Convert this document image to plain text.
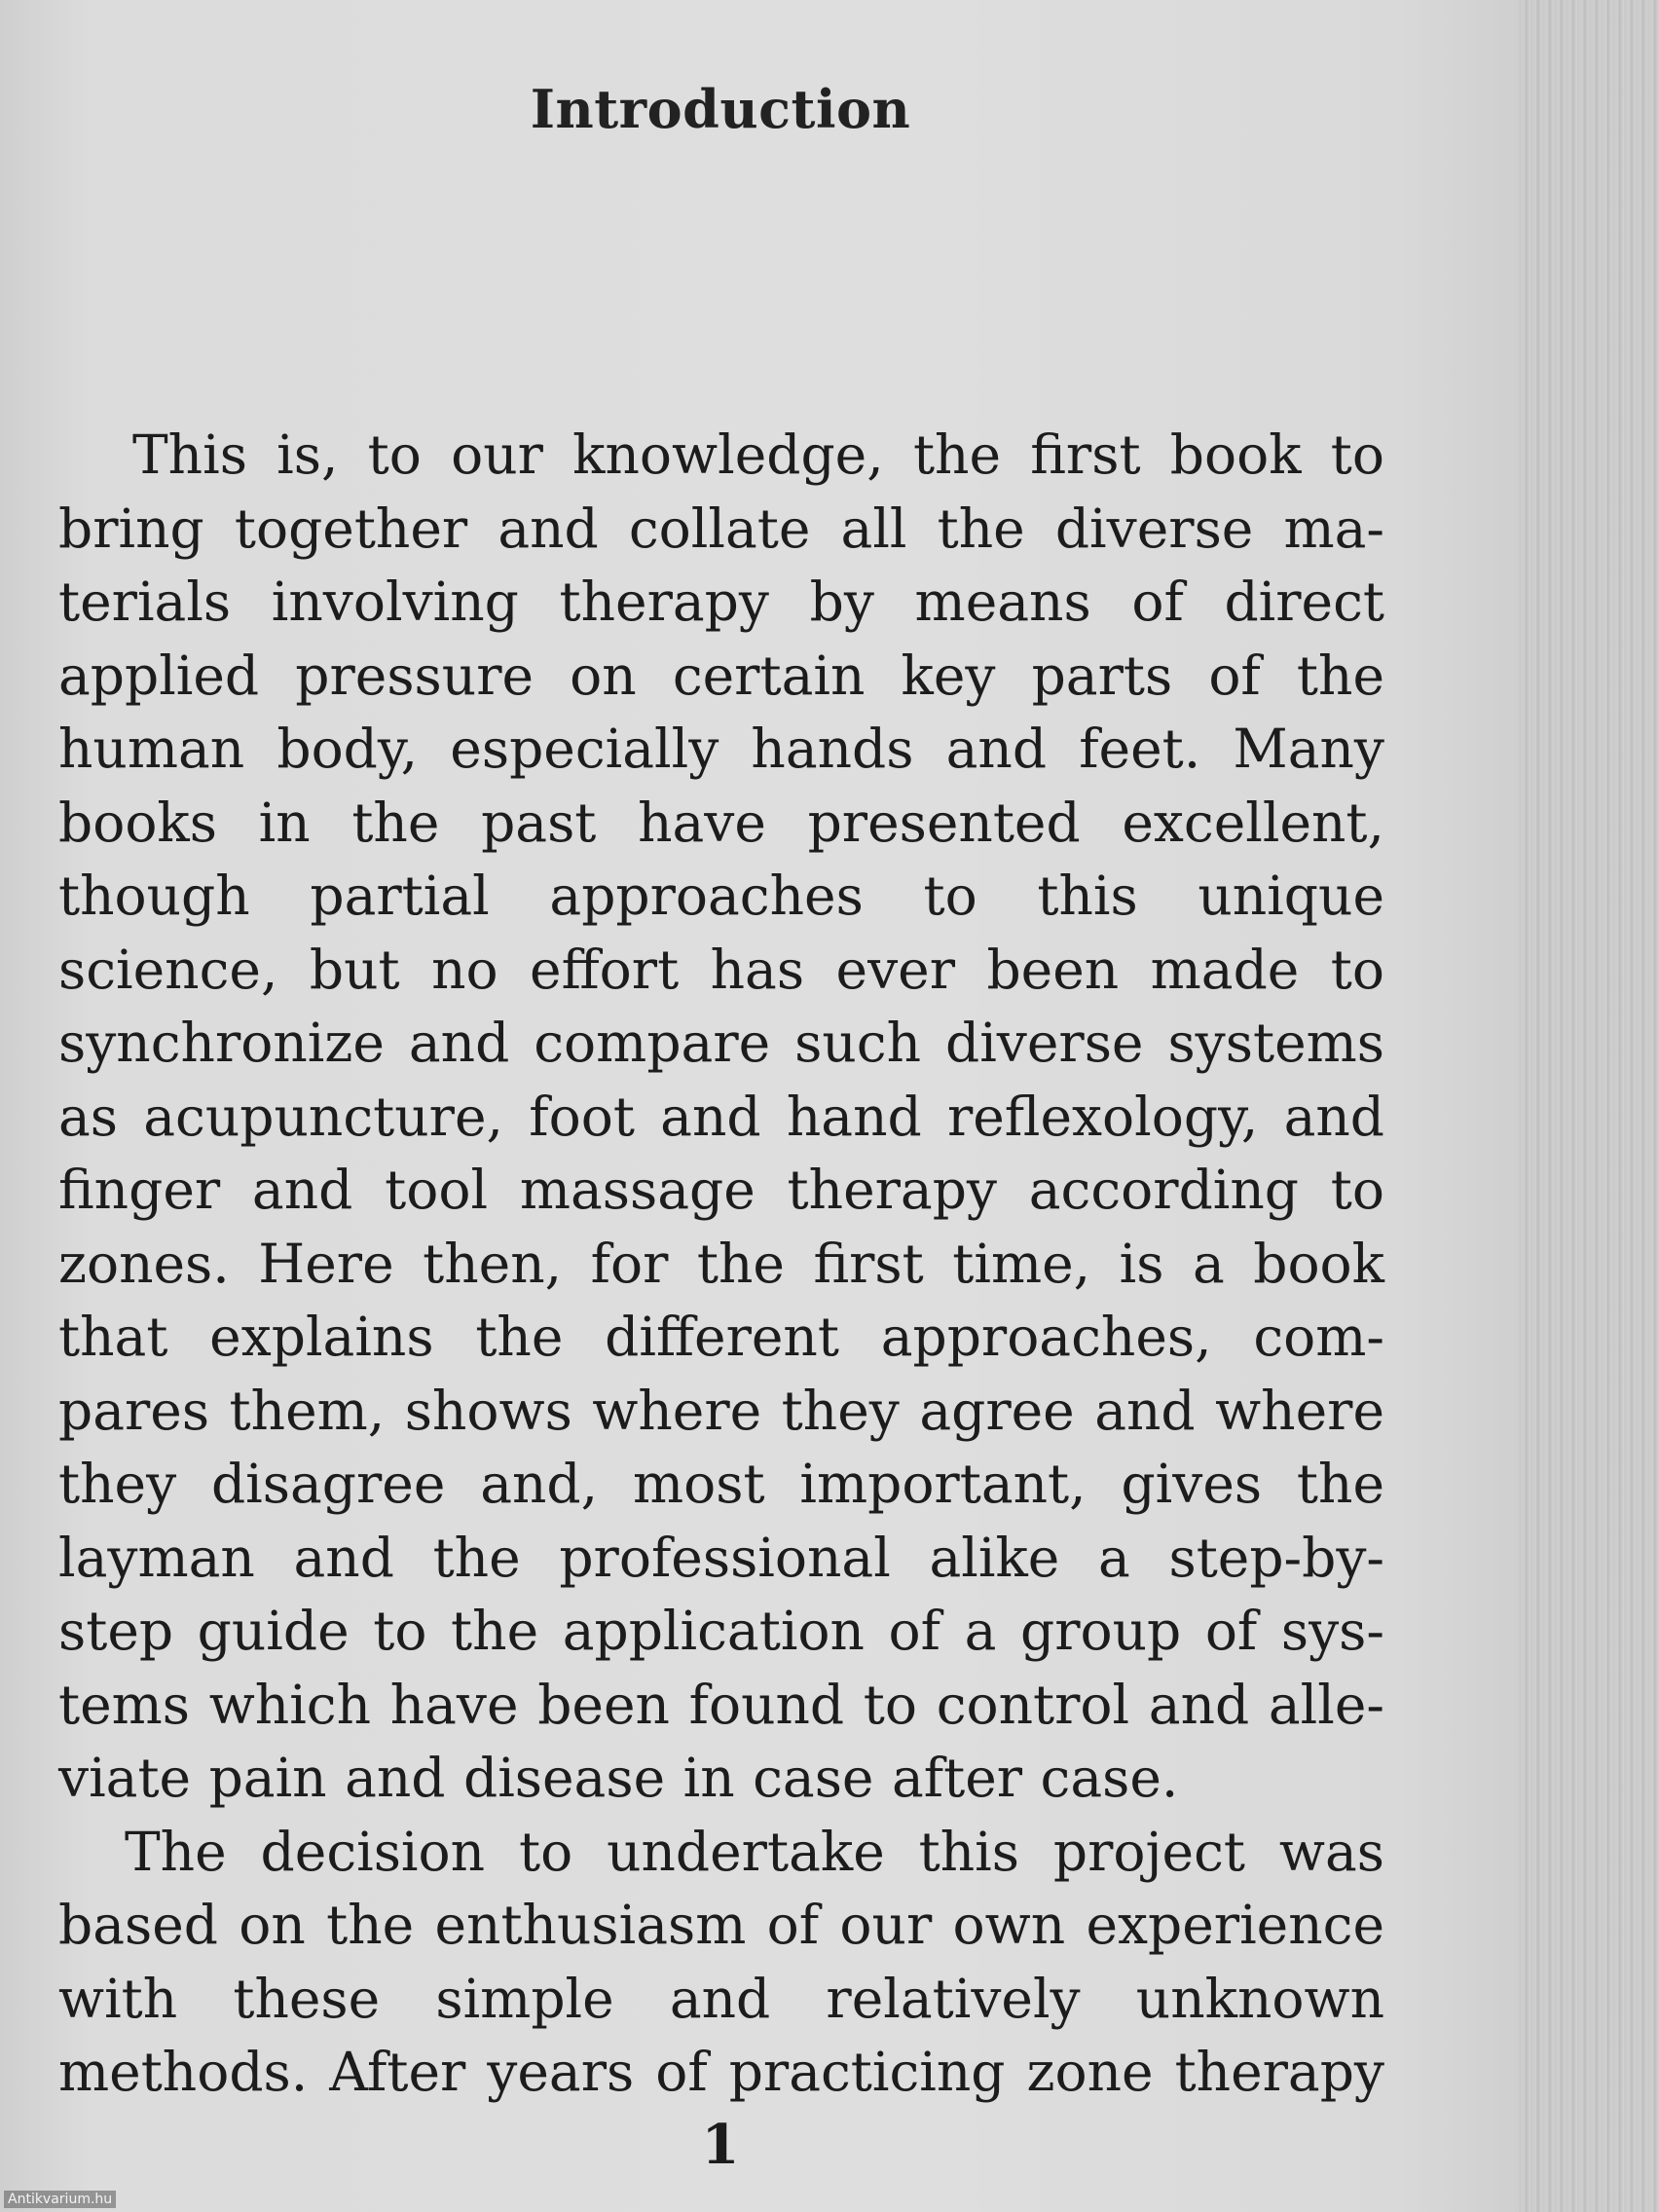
Introduction
This is, to our knowledge, the first book to
bring together and collate all the diverse ma-
terials involving therapy by means of direct
applied pressure on certain key parts of the
human body, especially hands and feet. Many
books in the past have presented excellent,
though partial approaches to this unique
science, but no effort has ever been made to
synchronize and compare such diverse systems
as acupuncture, foot and hand reflexology, and
finger and tool massage therapy according to
zones. Here then, for the first time, is a book
that explains the different approaches, com-
pares them, shows where they agree and where
they disagree and, most important, gives the
layman and the professional alike a step-by-
step guide to the application of a group of sys-
tems which have been found to control and alle-
viate pain and disease in case after case.
The decision to undertake this project was
based on the enthusiasm of our own experience
with these simple and relatively unknown
methods. After years of practicing zone therapy
1
Antikvarium.hu
